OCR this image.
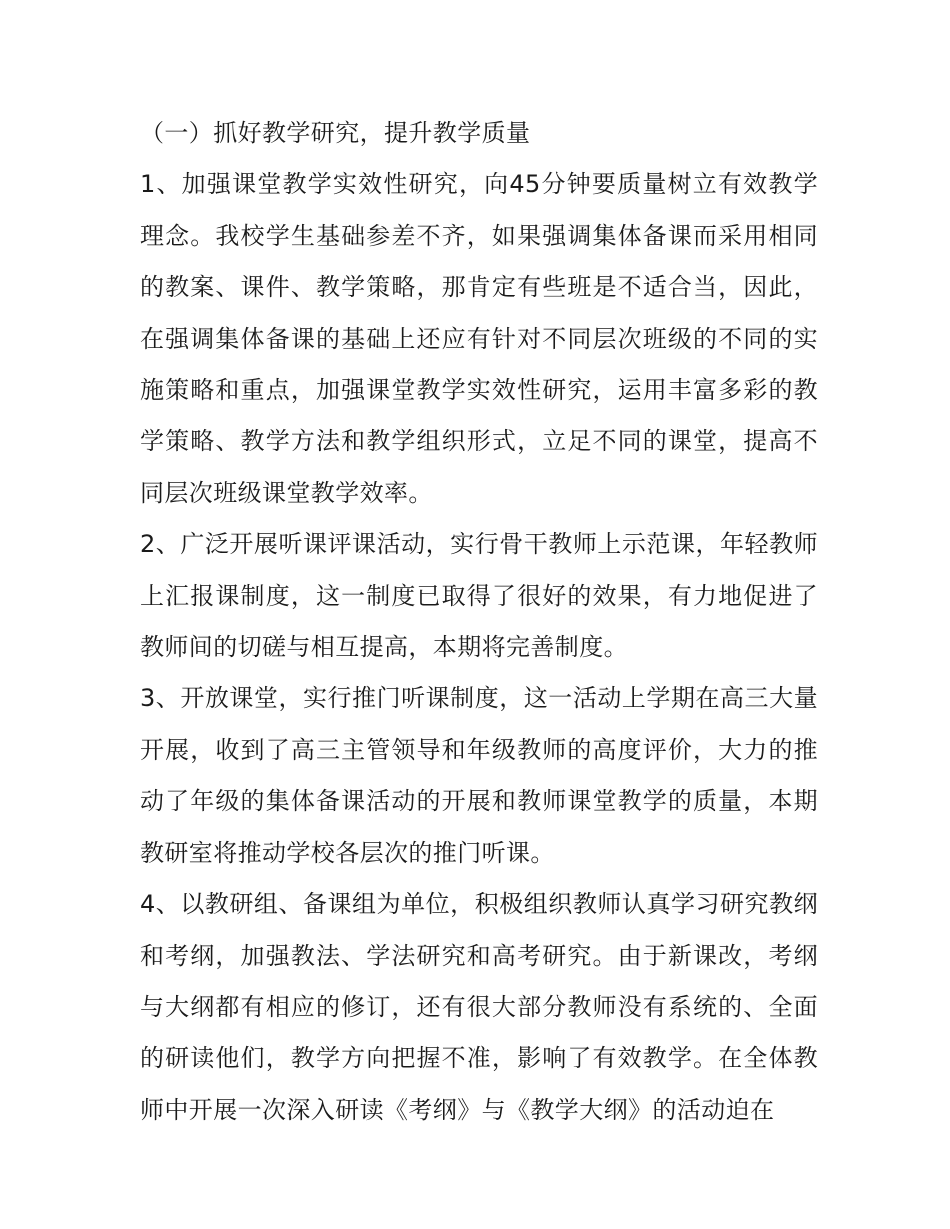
（一）抓好教学研究，提升教学质量

1、加强课堂教学实效性研究，向45分钟要质量树立有效教学理念。我校学生基础参差不齐，如果强调集体备课而采用相同的教案、课件、教学策略，那肯定有些班是不适合当，因此，在强调集体备课的基础上还应有针对不同层次班级的不同的实施策略和重点，加强课堂教学实效性研究，运用丰富多彩的教学策略、教学方法和教学组织形式，立足不同的课堂，提高不同层次班级课堂教学效率。

2、广泛开展听课评课活动，实行骨干教师上示范课，年轻教师上汇报课制度，这一制度已取得了很好的效果，有力地促进了教师间的切磋与相互提高，本期将完善制度。

3、开放课堂，实行推门听课制度，这一活动上学期在高三大量开展，收到了高三主管领导和年级教师的高度评价，大力的推动了年级的集体备课活动的开展和教师课堂教学的质量，本期教研室将推动学校各层次的推门听课。

4、以教研组、备课组为单位，积极组织教师认真学习研究教纲和考纲，加强教法、学法研究和高考研究。由于新课改，考纲与大纲都有相应的修订，还有很大部分教师没有系统的、全面的研读他们，教学方向把握不准，影响了有效教学。在全体教师中开展一次深入研读《考纲》与《教学大纲》的活动迫在
